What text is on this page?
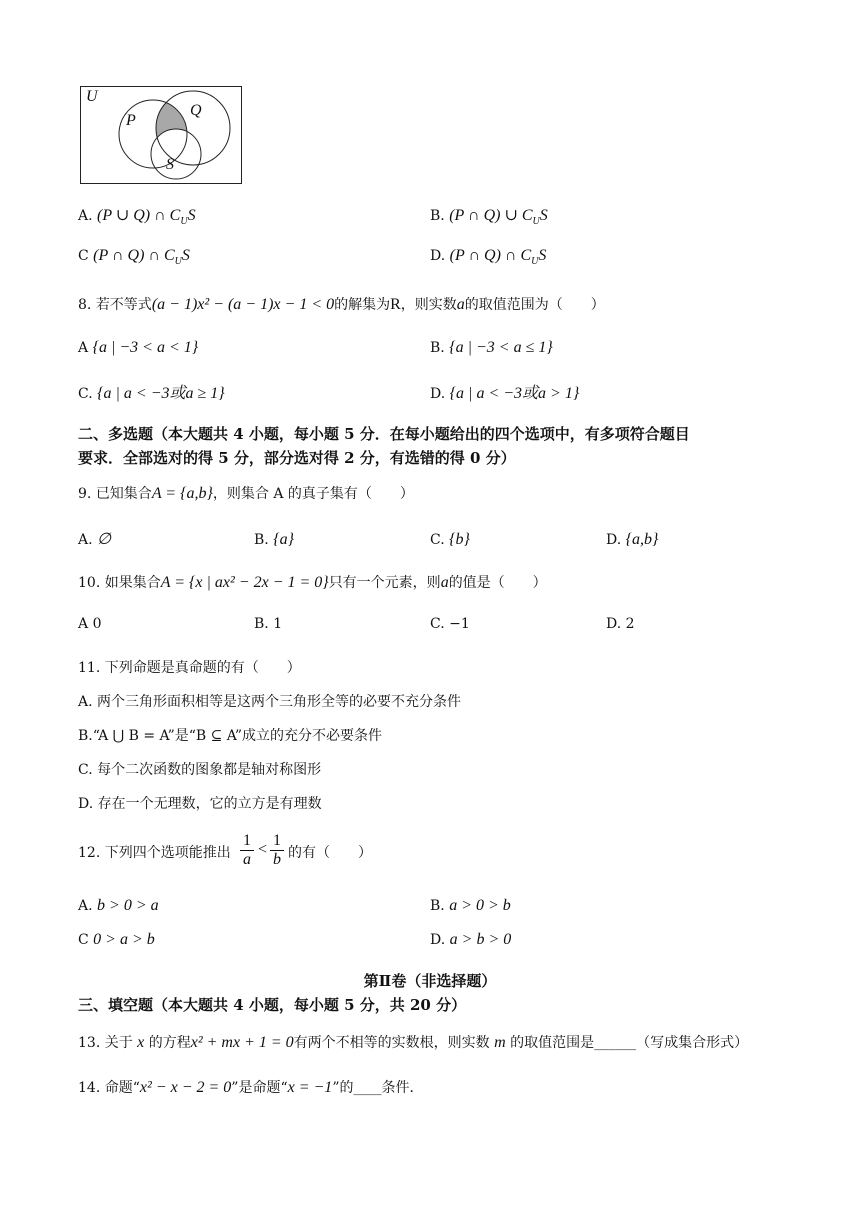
U
P
Q
S
A. (P ∪ Q) ∩ $C_US$	B. (P ∩ Q) ∪ $C_US$
C (P ∩ Q) ∩ $C_US$	D. (P ∩ Q) ∩ $C_US$
8. 若不等式(a − 1)x² − (a − 1)x − 1 < 0的解集为R，则实数a的取值范围为（　　）
A {a | −3 < a < 1}	B. {a | −3 < a ≤ 1}
C. {a | a < −3或a ≥ 1}	D. {a | a < −3或a > 1}
二、多选题（本大题共 4 小题，每小题 5 分．在每小题给出的四个选项中，有多项符合题目
要求．全部选对的得 5 分，部分选对得 2 分，有选错的得 0 分）
9. 已知集合A = {a,b}，则集合 A 的真子集有（　　）
A. ∅	B. {a}	C. {b}	D. {a,b}
10. 如果集合A = {x | ax² − 2x − 1 = 0}只有一个元素，则a的值是（　　）
A 0	B. 1	C. −1	D. 2
11. 下列命题是真命题的有（　　）
A. 两个三角形面积相等是这两个三角形全等的必要不充分条件
B.“A ⋃ B = A”是“B ⊆ A”成立的充分不必要条件
C. 每个二次函数的图象都是轴对称图形
D. 存在一个无理数，它的立方是有理数
12. 下列四个选项能推出 $\frac{1}{a} < \frac{1}{b}$ 的有（　　）
A. b > 0 > a	B. a > 0 > b
C 0 > a > b	D. a > b > 0
第Ⅱ卷（非选择题）
三、填空题（本大题共 4 小题，每小题 5 分，共 20 分）
13. 关于 x 的方程x² + mx + 1 = 0有两个不相等的实数根，则实数 m 的取值范围是______（写成集合形式）
14. 命题“x² − x − 2 = 0”是命题“x = −1”的____条件．
